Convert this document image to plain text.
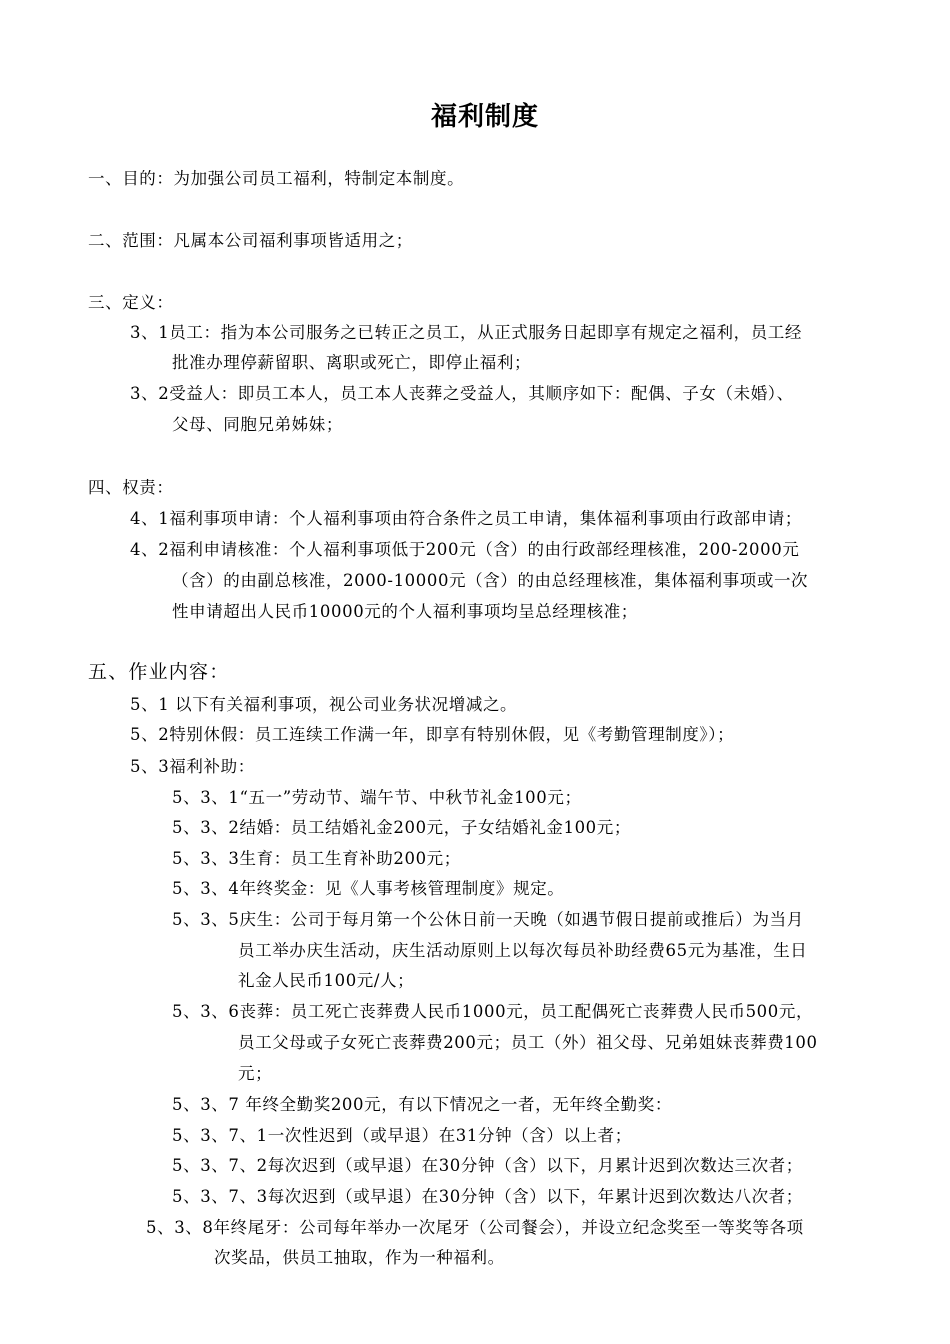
福利制度
一、目的：为加强公司员工福利，特制定本制度。
二、范围：凡属本公司福利事项皆适用之；
三、定义：
3、1员工：指为本公司服务之已转正之员工，从正式服务日起即享有规定之福利，员工经
批准办理停薪留职、离职或死亡，即停止福利；
3、2受益人：即员工本人，员工本人丧葬之受益人，其顺序如下：配偶、子女（未婚）、
父母、同胞兄弟姊妹；
四、权责：
4、1福利事项申请：个人福利事项由符合条件之员工申请，集体福利事项由行政部申请；
4、2福利申请核准：个人福利事项低于200元（含）的由行政部经理核准，200-2000元
（含）的由副总核准，2000-10000元（含）的由总经理核准，集体福利事项或一次
性申请超出人民币10000元的个人福利事项均呈总经理核准；
五、作业内容：
5、1 以下有关福利事项，视公司业务状况增减之。
5、2特别休假：员工连续工作满一年，即享有特别休假，见《考勤管理制度》）；
5、3福利补助：
5、3、1“五一”劳动节、端午节、中秋节礼金100元；
5、3、2结婚：员工结婚礼金200元，子女结婚礼金100元；
5、3、3生育：员工生育补助200元；
5、3、4年终奖金：见《人事考核管理制度》规定。
5、3、5庆生：公司于每月第一个公休日前一天晚（如遇节假日提前或推后）为当月
员工举办庆生活动，庆生活动原则上以每次每员补助经费65元为基准，生日
礼金人民币100元/人；
5、3、6丧葬：员工死亡丧葬费人民币1000元，员工配偶死亡丧葬费人民币500元，
员工父母或子女死亡丧葬费200元；员工（外）祖父母、兄弟姐妹丧葬费100
元；
5、3、7 年终全勤奖200元，有以下情况之一者，无年终全勤奖：
5、3、7、1一次性迟到（或早退）在31分钟（含）以上者；
5、3、7、2每次迟到（或早退）在30分钟（含）以下，月累计迟到次数达三次者；
5、3、7、3每次迟到（或早退）在30分钟（含）以下，年累计迟到次数达八次者；
5、3、8年终尾牙：公司每年举办一次尾牙（公司餐会），并设立纪念奖至一等奖等各项
次奖品，供员工抽取，作为一种福利。
